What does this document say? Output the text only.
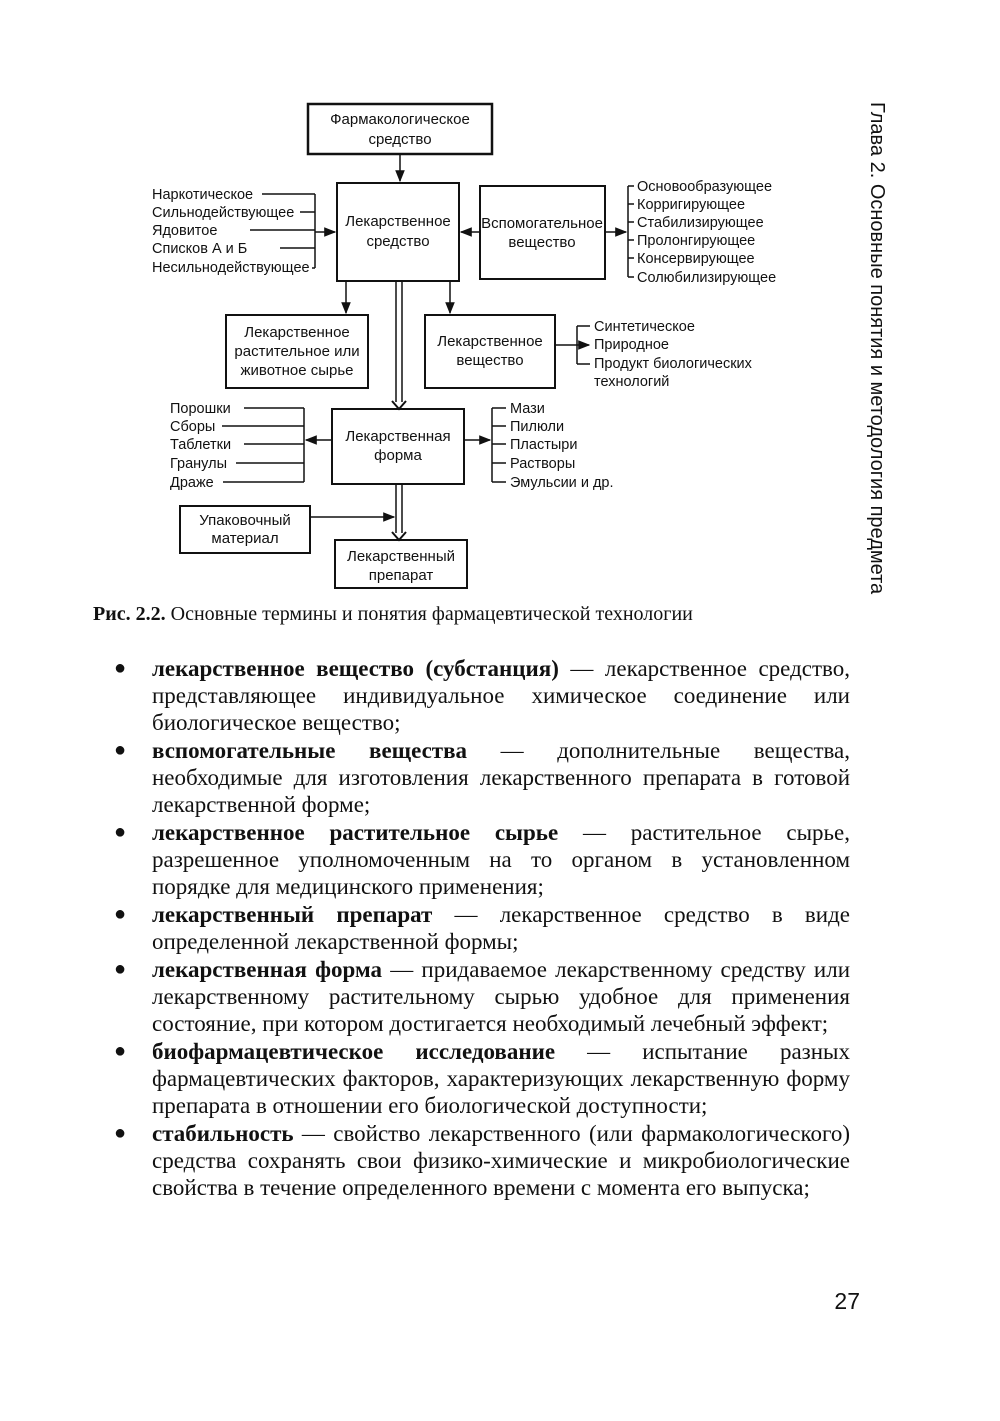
Фармакологическое
средство
Лекарственное
средство
Вспомогательное
вещество
Лекарственное
растительное или
животное сырье
Лекарственное
вещество
Лекарственная
форма
Упаковочный
материал
Лекарственный
препарат
Наркотическое
Сильнодействующее
Ядовитое
Списков А и Б
Несильнодействующее
Основообразующее
Корригирующее
Стабилизирующее
Пролонгирующее
Консервирующее
Солюбилизирующее
Синтетическое
Природное
Продукт биологических
технологий
Порошки
Сборы
Таблетки
Гранулы
Драже
Мази
Пилюли
Пластыри
Растворы
Эмульсии и др.	Глава 2. Основные понятия и методология предмета
Рис. 2.2. Основные термины и понятия фармацевтической технологии
● лекарственное вещество (субстанция) — лекарственное средство, представляющее индивидуальное химическое соединение или биологическое вещество;
● вспомогательные вещества — дополнительные вещества, необходимые для изготовления лекарственного препарата в готовой лекарственной форме;
● лекарственное растительное сырье — растительное сырье, разрешенное уполномоченным на то органом в установленном порядке для медицинского применения;
● лекарственный препарат — лекарственное средство в виде определенной лекарственной формы;
● лекарственная форма — придаваемое лекарственному средству или лекарственному растительному сырью удобное для применения состояние, при котором достигается необходимый лечебный эффект;
● биофармацевтическое исследование — испытание разных фармацевтических факторов, характеризующих лекарственную форму препарата в отношении его биологической доступности;
● стабильность — свойство лекарственного (или фармакологического) средства сохранять свои физико-химические и микробиологические свойства в течение определенного времени с момента его выпуска;
27
